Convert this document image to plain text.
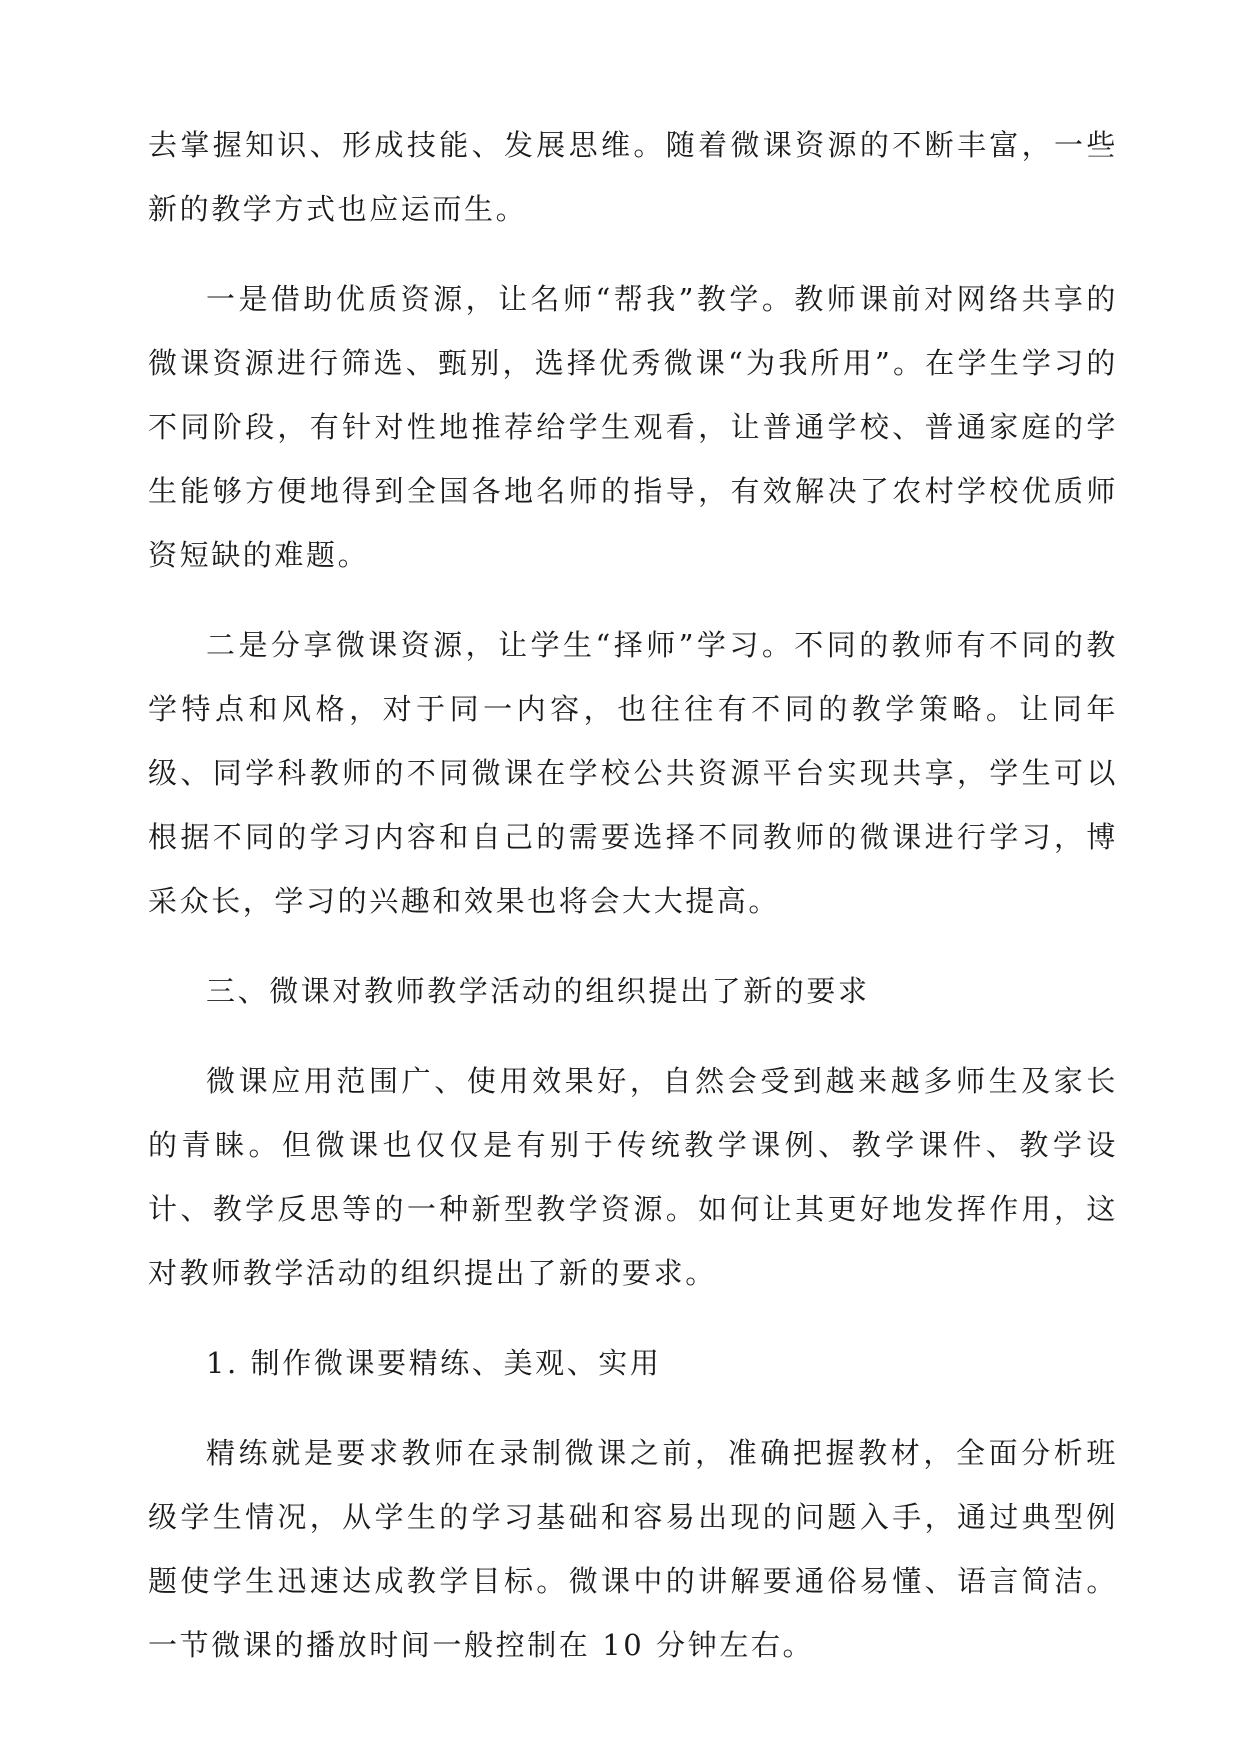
去掌握知识、形成技能、发展思维。随着微课资源的不断丰富，一些新的教学方式也应运而生。

一是借助优质资源，让名师“帮我”教学。教师课前对网络共享的微课资源进行筛选、甄别，选择优秀微课“为我所用”。在学生学习的不同阶段，有针对性地推荐给学生观看，让普通学校、普通家庭的学生能够方便地得到全国各地名师的指导，有效解决了农村学校优质师资短缺的难题。

二是分享微课资源，让学生“择师”学习。不同的教师有不同的教学特点和风格，对于同一内容，也往往有不同的教学策略。让同年级、同学科教师的不同微课在学校公共资源平台实现共享，学生可以根据不同的学习内容和自己的需要选择不同教师的微课进行学习，博采众长，学习的兴趣和效果也将会大大提高。

三、微课对教师教学活动的组织提出了新的要求

微课应用范围广、使用效果好，自然会受到越来越多师生及家长的青睐。但微课也仅仅是有别于传统教学课例、教学课件、教学设计、教学反思等的一种新型教学资源。如何让其更好地发挥作用，这对教师教学活动的组织提出了新的要求。

1. 制作微课要精练、美观、实用

精练就是要求教师在录制微课之前，准确把握教材，全面分析班级学生情况，从学生的学习基础和容易出现的问题入手，通过典型例题使学生迅速达成教学目标。微课中的讲解要通俗易懂、语言简洁。一节微课的播放时间一般控制在 10 分钟左右。
